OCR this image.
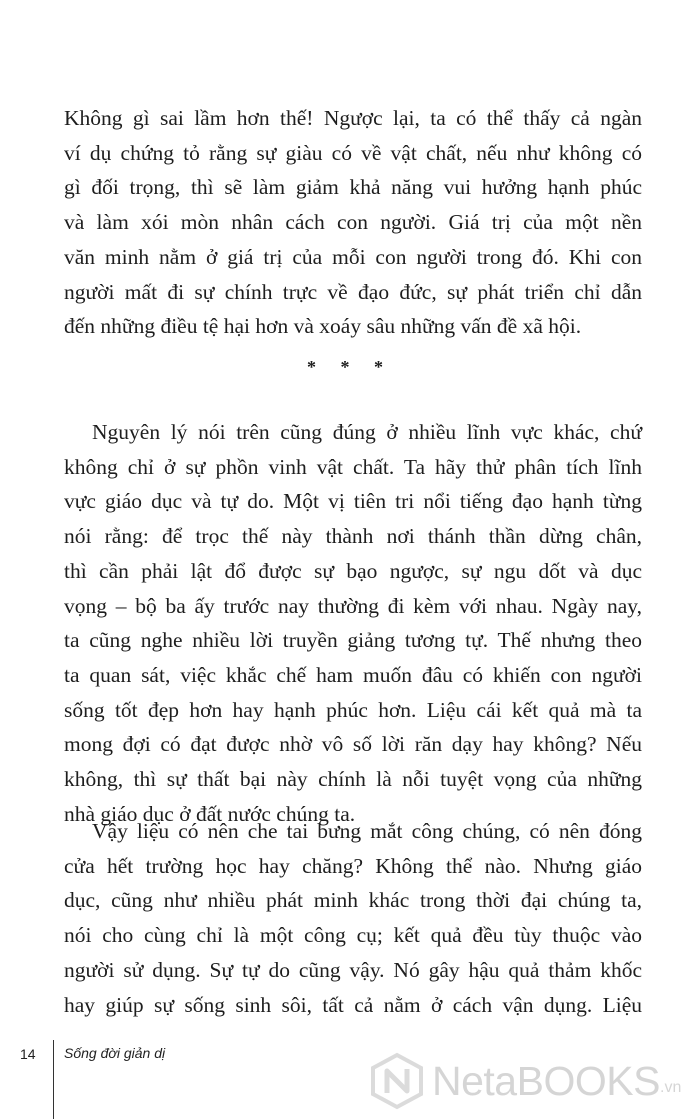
Không gì sai lầm hơn thế! Ngược lại, ta có thể thấy cả ngàn
ví dụ chứng tỏ rằng sự giàu có về vật chất, nếu như không có
gì đối trọng, thì sẽ làm giảm khả năng vui hưởng hạnh phúc
và làm xói mòn nhân cách con người. Giá trị của một nền
văn minh nằm ở giá trị của mỗi con người trong đó. Khi con
người mất đi sự chính trực về đạo đức, sự phát triển chỉ dẫn
đến những điều tệ hại hơn và xoáy sâu những vấn đề xã hội.
* * *
Nguyên lý nói trên cũng đúng ở nhiều lĩnh vực khác, chứ
không chỉ ở sự phồn vinh vật chất. Ta hãy thử phân tích lĩnh
vực giáo dục và tự do. Một vị tiên tri nổi tiếng đạo hạnh từng
nói rằng: để trọc thế này thành nơi thánh thần dừng chân,
thì cần phải lật đổ được sự bạo ngược, sự ngu dốt và dục
vọng – bộ ba ấy trước nay thường đi kèm với nhau. Ngày nay,
ta cũng nghe nhiều lời truyền giảng tương tự. Thế nhưng theo
ta quan sát, việc khắc chế ham muốn đâu có khiến con người
sống tốt đẹp hơn hay hạnh phúc hơn. Liệu cái kết quả mà ta
mong đợi có đạt được nhờ vô số lời răn dạy hay không? Nếu
không, thì sự thất bại này chính là nỗi tuyệt vọng của những
nhà giáo dục ở đất nước chúng ta.
Vậy liệu có nên che tai bưng mắt công chúng, có nên đóng
cửa hết trường học hay chăng? Không thể nào. Nhưng giáo
dục, cũng như nhiều phát minh khác trong thời đại chúng ta,
nói cho cùng chỉ là một công cụ; kết quả đều tùy thuộc vào
người sử dụng. Sự tự do cũng vậy. Nó gây hậu quả thảm khốc
hay giúp sự sống sinh sôi, tất cả nằm ở cách vận dụng. Liệu
14 Sống đời giản dị
NetaBOOKS .vn
